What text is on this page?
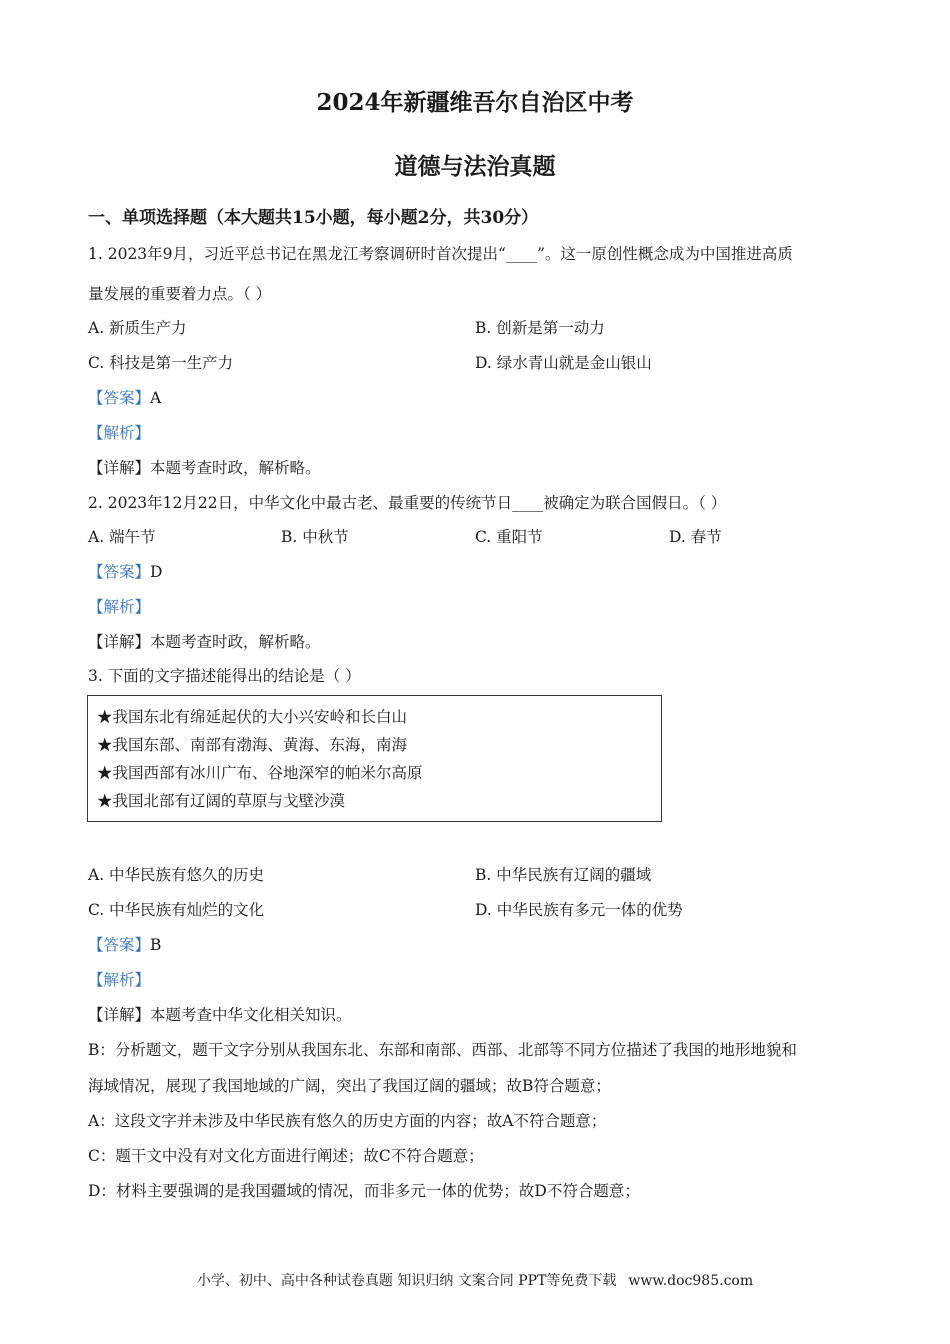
2024年新疆维吾尔自治区中考
道德与法治真题
一、单项选择题（本大题共15小题，每小题2分，共30分）
1. 2023年9月，习近平总书记在黑龙江考察调研时首次提出“____”。这一原创性概念成为中国推进高质
量发展的重要着力点。（ ）
A. 新质生产力	B. 创新是第一动力
C. 科技是第一生产力	D. 绿水青山就是金山银山
【答案】A
【解析】
【详解】本题考查时政，解析略。
2. 2023年12月22日，中华文化中最古老、最重要的传统节日____被确定为联合国假日。（ ）
A. 端午节	B. 中秋节	C. 重阳节	D. 春节
【答案】D
【解析】
【详解】本题考查时政，解析略。
3. 下面的文字描述能得出的结论是（ ）
★我国东北有绵延起伏的大小兴安岭和长白山
★我国东部、南部有渤海、黄海、东海，南海
★我国西部有冰川广布、谷地深窄的帕米尔高原
★我国北部有辽阔的草原与戈壁沙漠
A. 中华民族有悠久的历史	B. 中华民族有辽阔的疆域
C. 中华民族有灿烂的文化	D. 中华民族有多元一体的优势
【答案】B
【解析】
【详解】本题考查中华文化相关知识。
B：分析题文，题干文字分别从我国东北、东部和南部、西部、北部等不同方位描述了我国的地形地貌和
海域情况，展现了我国地域的广阔，突出了我国辽阔的疆域；故B符合题意；
A：这段文字并未涉及中华民族有悠久的历史方面的内容；故A不符合题意；
C：题干文中没有对文化方面进行阐述；故C不符合题意；
D：材料主要强调的是我国疆域的情况，而非多元一体的优势；故D不符合题意；
小学、初中、高中各种试卷真题 知识归纳 文案合同 PPT等免费下载 www.doc985.com
